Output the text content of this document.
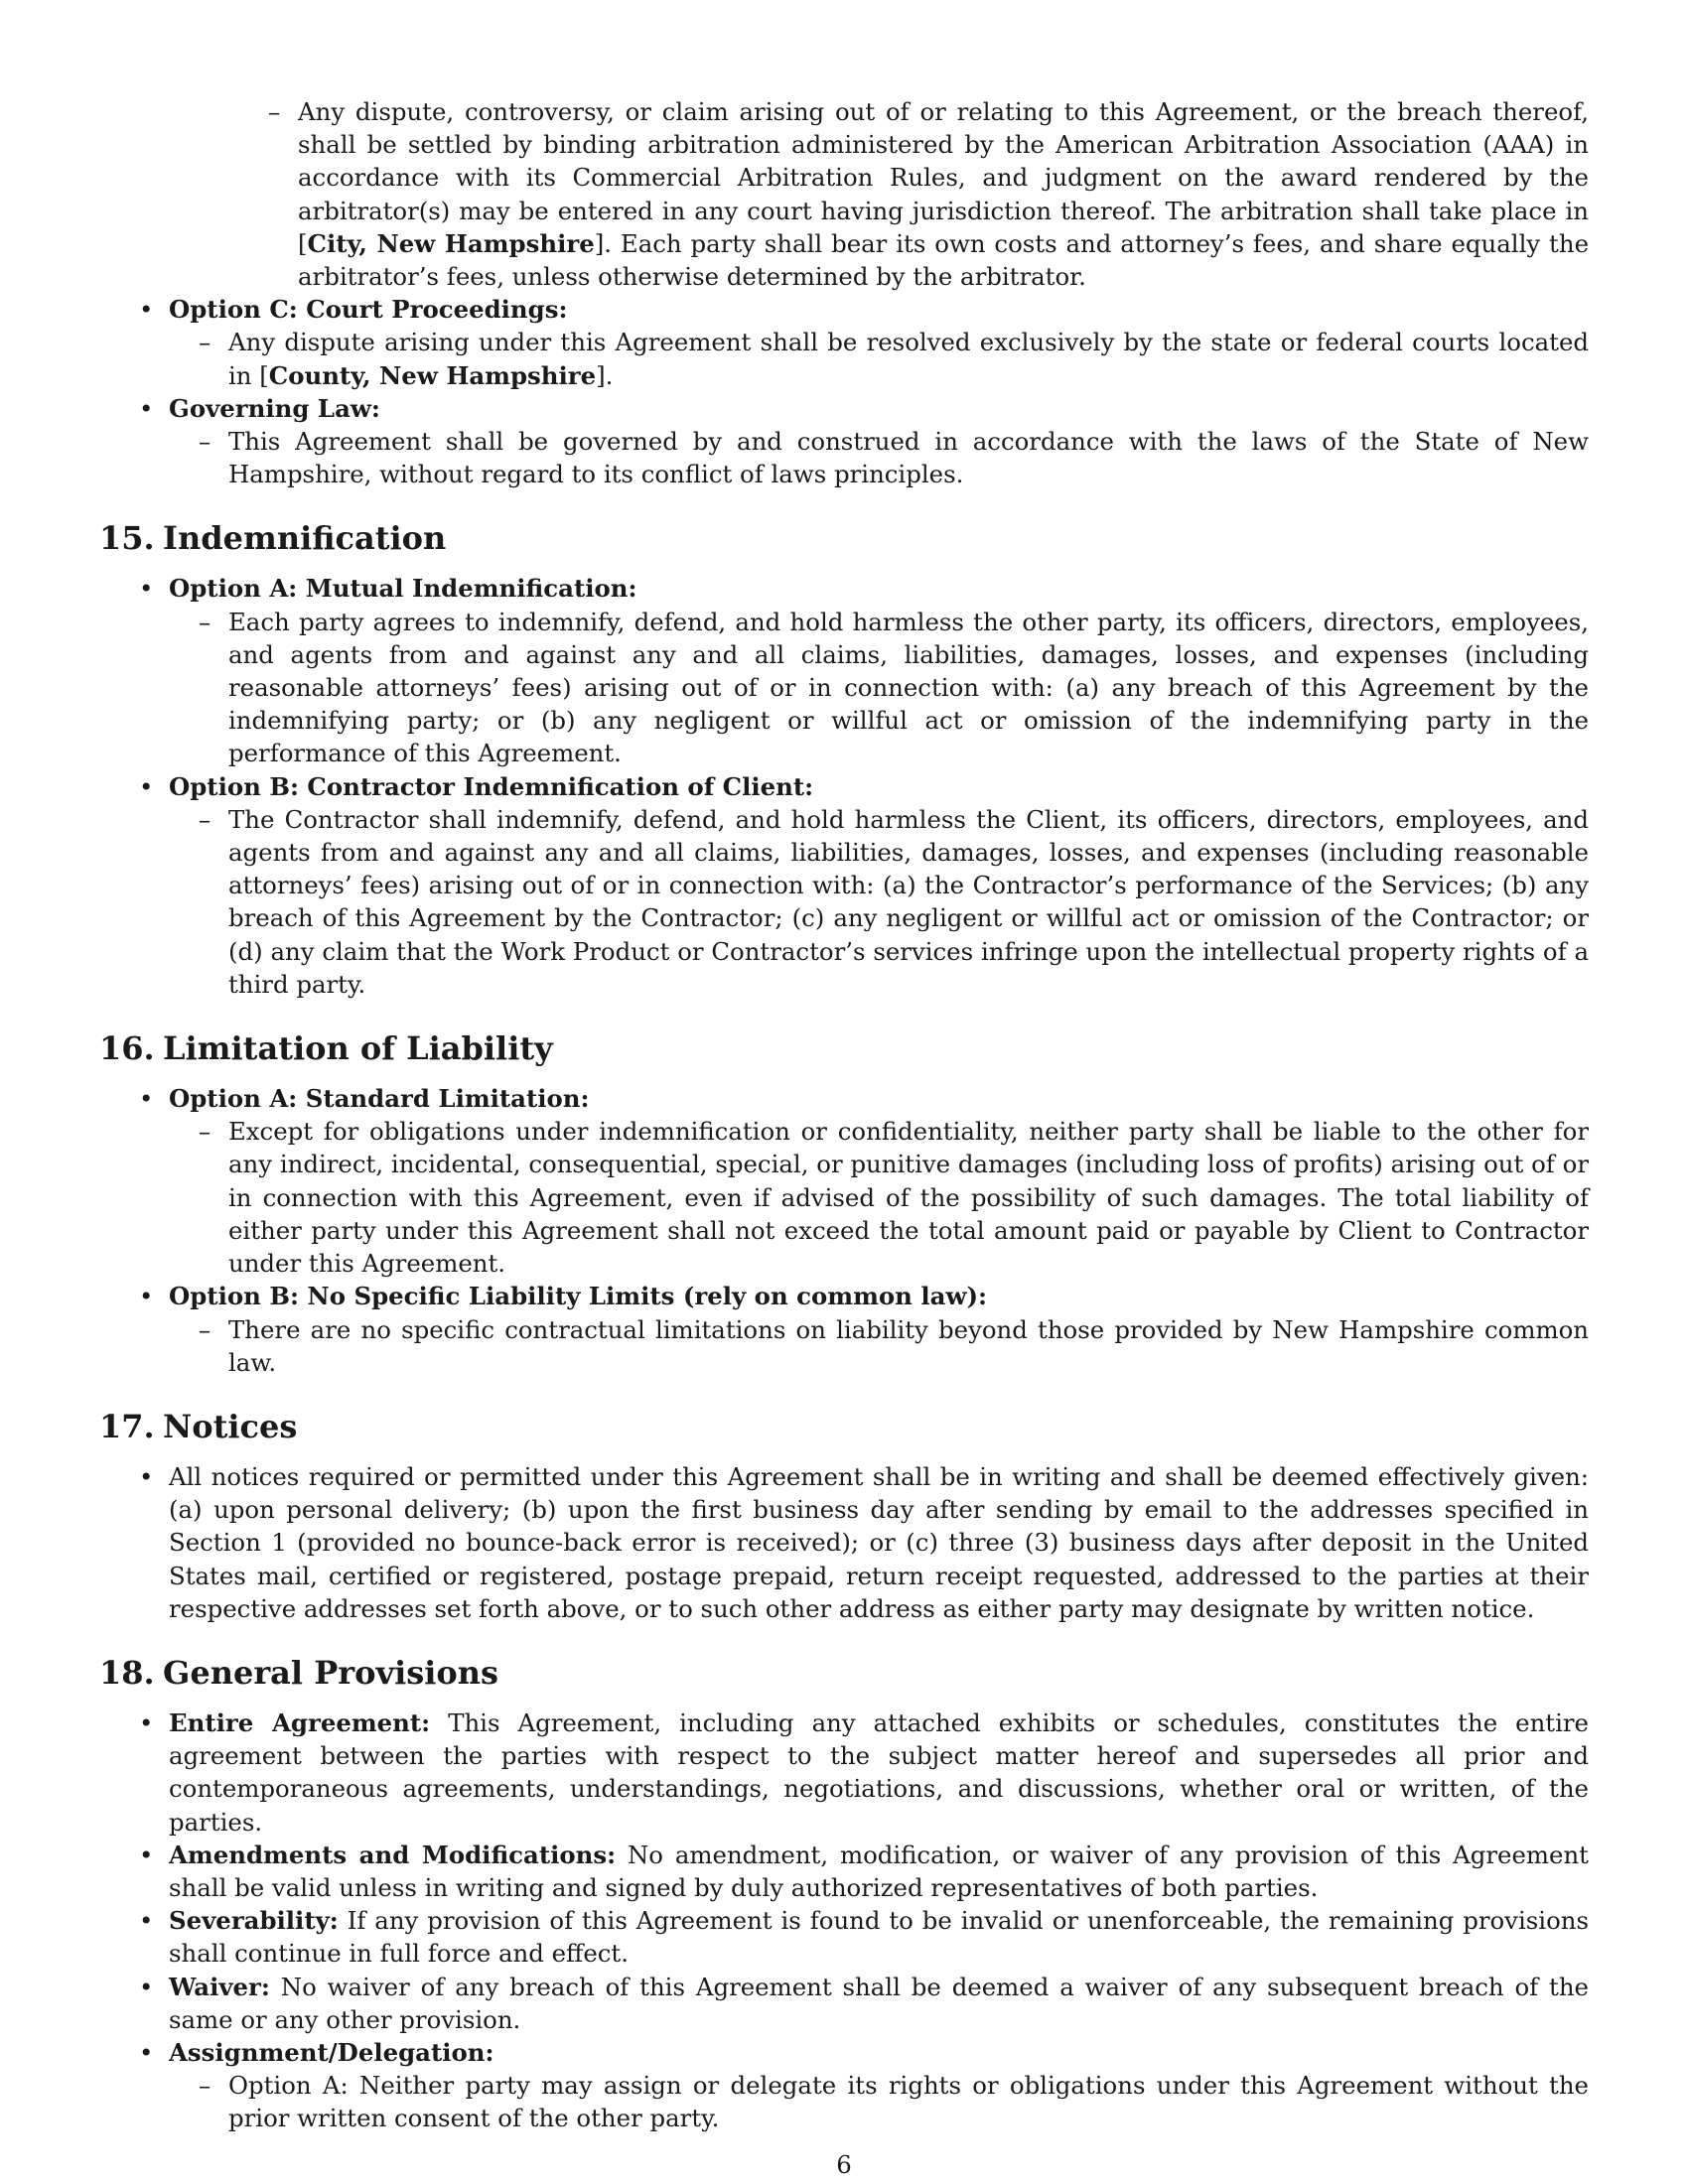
– Any dispute, controversy, or claim arising out of or relating to this Agreement, or the breach thereof, shall be settled by binding arbitration administered by the American Arbitration Association (AAA) in accordance with its Commercial Arbitration Rules, and judgment on the award rendered by the arbitrator(s) may be entered in any court having jurisdiction thereof. The arbitration shall take place in [City, New Hampshire]. Each party shall bear its own costs and attorney’s fees, and share equally the arbitrator’s fees, unless otherwise determined by the arbitrator.
• Option C: Court Proceedings:
– Any dispute arising under this Agreement shall be resolved exclusively by the state or federal courts located in [County, New Hampshire].
• Governing Law:
– This Agreement shall be governed by and construed in accordance with the laws of the State of New Hampshire, without regard to its conflict of laws principles.
15. Indemnification
• Option A: Mutual Indemnification:
– Each party agrees to indemnify, defend, and hold harmless the other party, its officers, directors, employees, and agents from and against any and all claims, liabilities, damages, losses, and expenses (including reasonable attorneys’ fees) arising out of or in connection with: (a) any breach of this Agreement by the indemnifying party; or (b) any negligent or willful act or omission of the indemnifying party in the performance of this Agreement.
• Option B: Contractor Indemnification of Client:
– The Contractor shall indemnify, defend, and hold harmless the Client, its officers, directors, employees, and agents from and against any and all claims, liabilities, damages, losses, and expenses (including reasonable attorneys’ fees) arising out of or in connection with: (a) the Contractor’s performance of the Services; (b) any breach of this Agreement by the Contractor; (c) any negligent or willful act or omission of the Contractor; or (d) any claim that the Work Product or Contractor’s services infringe upon the intellectual property rights of a third party.
16. Limitation of Liability
• Option A: Standard Limitation:
– Except for obligations under indemnification or confidentiality, neither party shall be liable to the other for any indirect, incidental, consequential, special, or punitive damages (including loss of profits) arising out of or in connection with this Agreement, even if advised of the possibility of such damages. The total liability of either party under this Agreement shall not exceed the total amount paid or payable by Client to Contractor under this Agreement.
• Option B: No Specific Liability Limits (rely on common law):
– There are no specific contractual limitations on liability beyond those provided by New Hampshire common law.
17. Notices
• All notices required or permitted under this Agreement shall be in writing and shall be deemed effectively given: (a) upon personal delivery; (b) upon the first business day after sending by email to the addresses specified in Section 1 (provided no bounce-back error is received); or (c) three (3) business days after deposit in the United States mail, certified or registered, postage prepaid, return receipt requested, addressed to the parties at their respective addresses set forth above, or to such other address as either party may designate by written notice.
18. General Provisions
• Entire Agreement: This Agreement, including any attached exhibits or schedules, constitutes the entire agreement between the parties with respect to the subject matter hereof and supersedes all prior and contemporaneous agreements, understandings, negotiations, and discussions, whether oral or written, of the parties.
• Amendments and Modifications: No amendment, modification, or waiver of any provision of this Agreement shall be valid unless in writing and signed by duly authorized representatives of both parties.
• Severability: If any provision of this Agreement is found to be invalid or unenforceable, the remaining provisions shall continue in full force and effect.
• Waiver: No waiver of any breach of this Agreement shall be deemed a waiver of any subsequent breach of the same or any other provision.
• Assignment/Delegation:
– Option A: Neither party may assign or delegate its rights or obligations under this Agreement without the prior written consent of the other party.
6
